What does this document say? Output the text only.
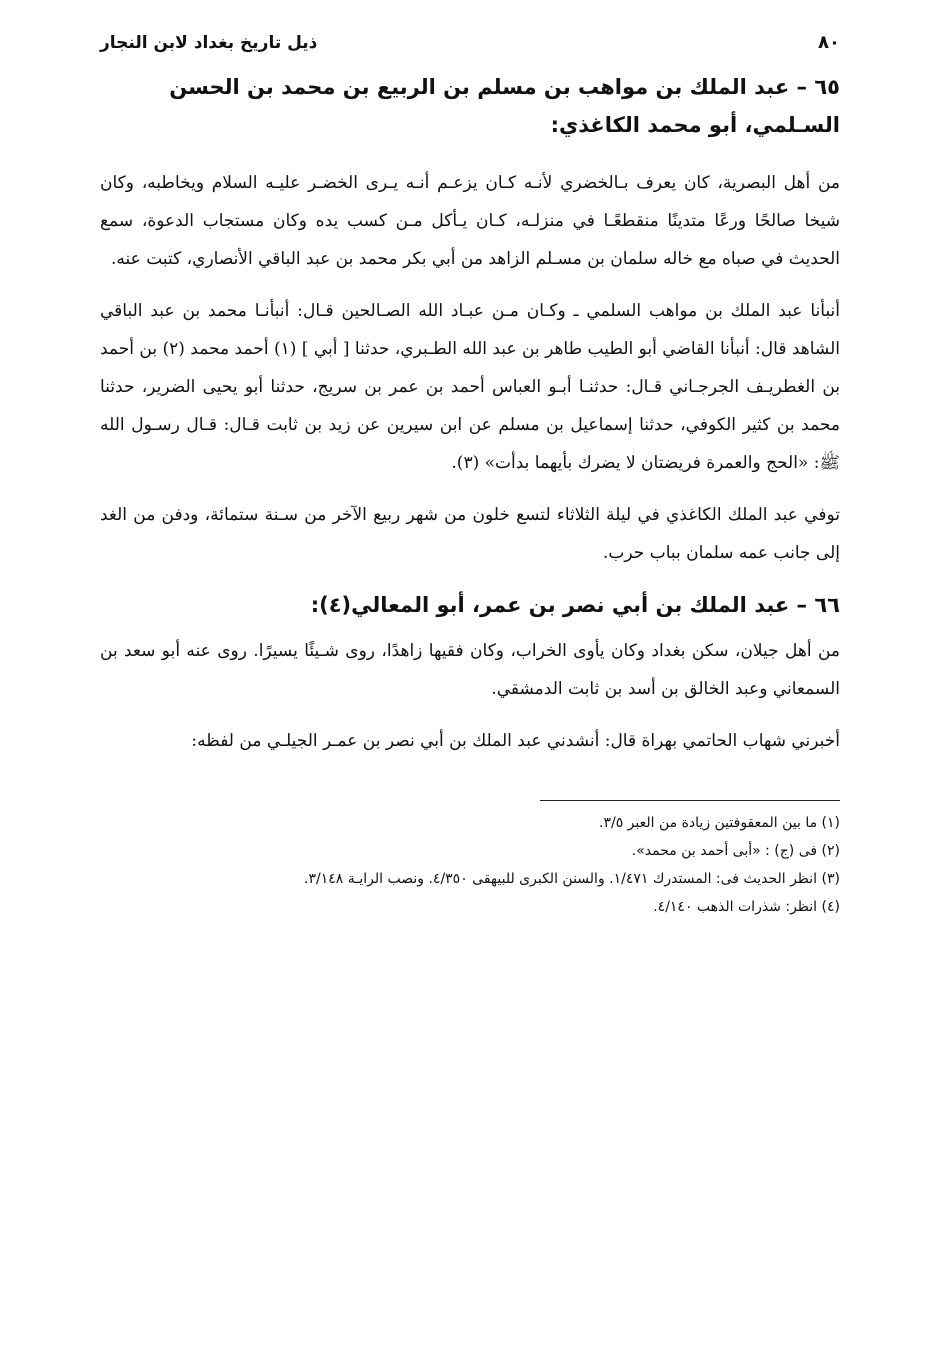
٨٠
ذيل تاريخ بغداد لابن النجار
٦٥ – عبد الملك بن مواهب بن مسلم بن الربيع بن محمد بن الحسن السـلمي، أبو محمد الكاغذي:

من أهل البصرية، كان يعرف بـالخضري لأنـه كـان يزعـم أنـه يـرى الخضـر عليـه السلام ويخاطبه، وكان شيخا صالحًا ورعًا متدينًا منقطعًـا في منزلـه، كـان يـأكل مـن كسب يده وكان مستجاب الدعوة، سمع الحديث في صباه مع خاله سلمان بن مسـلم الزاهد من أبي بكر محمد بن عبد الباقي الأنصاري، كتبت عنه.

أنبأنا عبد الملك بن مواهب السلمي ـ وكـان مـن عبـاد الله الصـالحين قـال: أنبأنـا محمد بن عبد الباقي الشاهد قال: أنبأنا القاضي أبو الطيب طاهر بن عبد الله الطـبري، حدثنا [ أبي ] (١) أحمد محمد (٢) بن أحمد بن الغطريـف الجرجـاني قـال: حدثنـا أبـو العباس أحمد بن عمر بن سريج، حدثنا أبو يحيى الضرير، حدثنا محمد بن كثير الكوفي، حدثنا إسماعيل بن مسلم عن ابن سيرين عن زيد بن ثابت قـال: قـال رسـول الله ﷺ: «الحج والعمرة فريضتان لا يضرك بأيهما بدأت» (٣).

توفي عبد الملك الكاغذي في ليلة الثلاثاء لتسع خلون من شهر ربيع الآخر من سـنة ستمائة، ودفن من الغد إلى جانب عمه سلمان بباب حرب.

٦٦ – عبد الملك بن أبي نصر بن عمر، أبو المعالي(٤):

من أهل جيلان، سكن بغداد وكان يأوى الخراب، وكان فقيها زاهدًا، روى شـيئًا يسيرًا. روى عنه أبو سعد بن السمعاني وعبد الخالق بن أسد بن ثابت الدمشقي.

أخبرني شهاب الحاتمي بهراة قال: أنشدني عبد الملك بن أبي نصر بن عمـر الجيلـي من لفظه:

(١) ما بين المعقوفتين زيادة من العبر ٣/٥.

(٢) فى (ج) : «أبى أحمد بن محمد».

(٣) انظر الحديث فى: المستدرك ١/٤٧١. والسنن الكبرى للبيهقى ٤/٣٥٠. ونصب الرايـة ٣/١٤٨.

(٤) انظر: شذرات الذهب ٤/١٤٠.
